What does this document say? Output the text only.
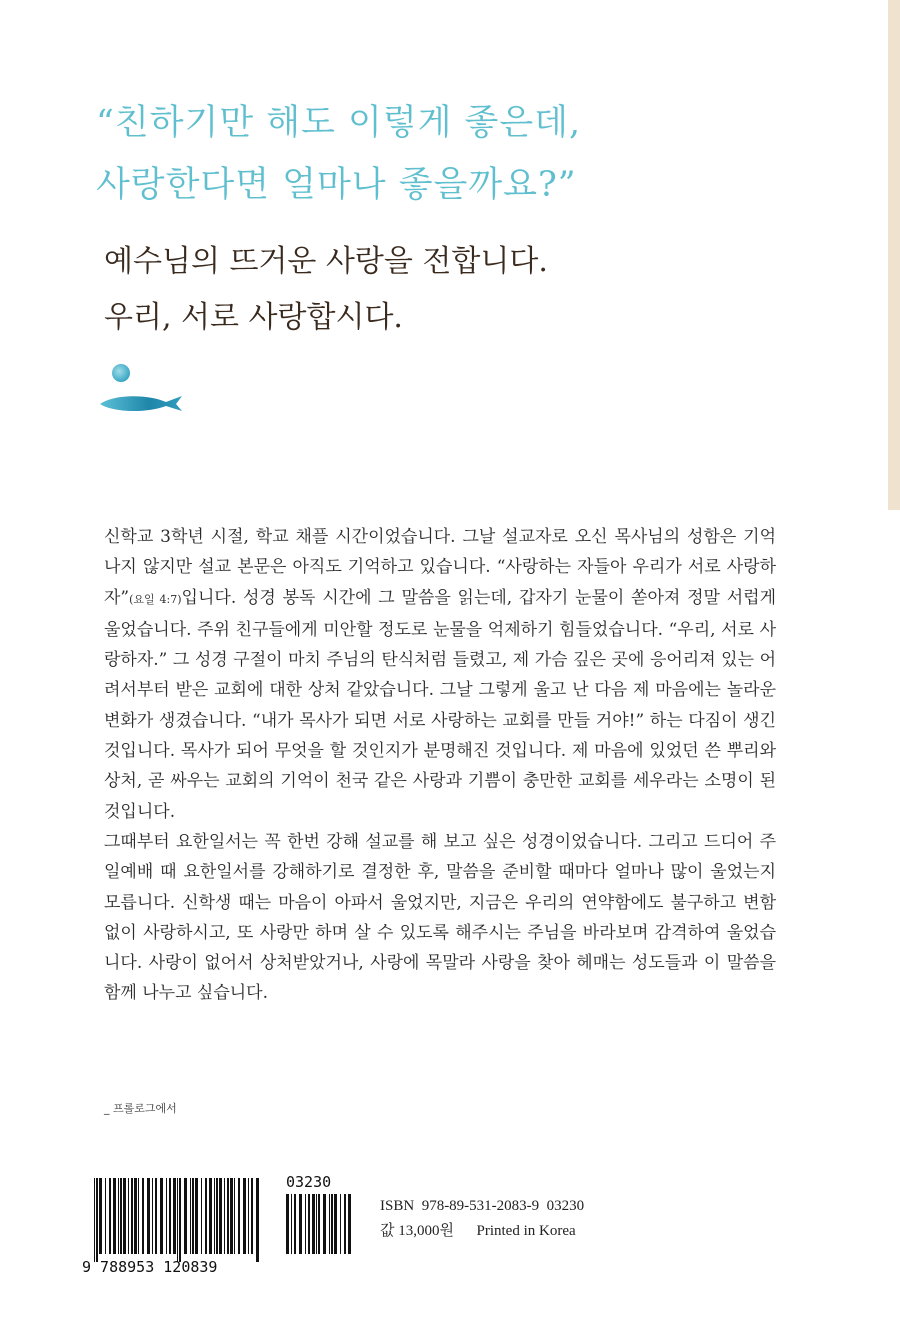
“친하기만 해도 이렇게 좋은데,
사랑한다면 얼마나 좋을까요?”
예수님의 뜨거운 사랑을 전합니다.
우리, 서로 사랑합시다.

신학교 3학년 시절, 학교 채플 시간이었습니다. 그날 설교자로 오신 목사님의 성함은 기억나지 않지만 설교 본문은 아직도 기억하고 있습니다. “사랑하는 자들아 우리가 서로 사랑하자”(요일 4:7)입니다. 성경 봉독 시간에 그 말씀을 읽는데, 갑자기 눈물이 쏟아져 정말 서럽게 울었습니다. 주위 친구들에게 미안할 정도로 눈물을 억제하기 힘들었습니다. “우리, 서로 사랑하자.” 그 성경 구절이 마치 주님의 탄식처럼 들렸고, 제 가슴 깊은 곳에 응어리져 있는 어려서부터 받은 교회에 대한 상처 같았습니다. 그날 그렇게 울고 난 다음 제 마음에는 놀라운 변화가 생겼습니다. “내가 목사가 되면 서로 사랑하는 교회를 만들 거야!” 하는 다짐이 생긴 것입니다. 목사가 되어 무엇을 할 것인지가 분명해진 것입니다. 제 마음에 있었던 쓴 뿌리와 상처, 곧 싸우는 교회의 기억이 천국 같은 사랑과 기쁨이 충만한 교회를 세우라는 소명이 된 것입니다.

그때부터 요한일서는 꼭 한번 강해 설교를 해 보고 싶은 성경이었습니다. 그리고 드디어 주일예배 때 요한일서를 강해하기로 결정한 후, 말씀을 준비할 때마다 얼마나 많이 울었는지 모릅니다. 신학생 때는 마음이 아파서 울었지만, 지금은 우리의 연약함에도 불구하고 변함없이 사랑하시고, 또 사랑만 하며 살 수 있도록 해주시는 주님을 바라보며 감격하여 울었습니다. 사랑이 없어서 상처받았거나, 사랑에 목말라 사랑을 찾아 헤매는 성도들과 이 말씀을 함께 나누고 싶습니다.

_ 프롤로그에서
9 788953 120839
03230
ISBN 978-89-531-2083-9 03230
값 13,000원 Printed in Korea
